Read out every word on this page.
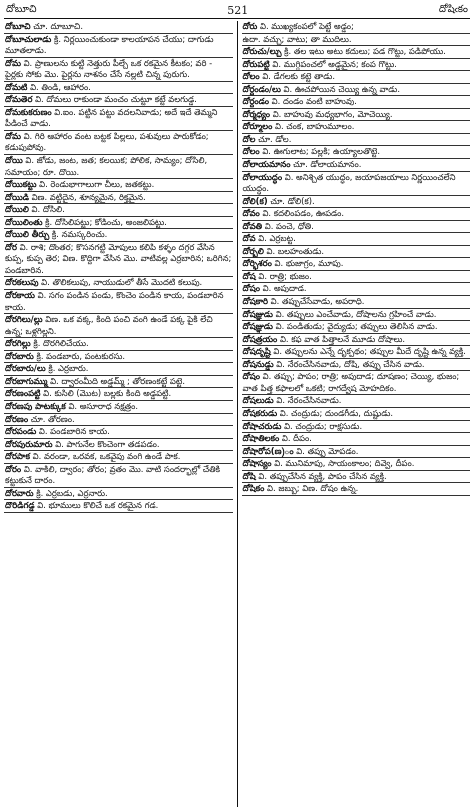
దోబూచి	521	దోషిఁకం
దోబూచి చూ. దూబూచి.
దోబూచులాడు క్రి. నిర్లయించుకుండా కాలయాపన చేయు; దాగుడు మూతలాడు.
దోమ వి. ప్రాణులను కుట్టి నెత్తురు పీల్చే ఒక రకమైన కీటకం; వరి - పైర్లకు సోకు మొ. పైర్లను నాశనం చేసే నల్లటి చిన్న పురుగు.
దోమటి వి. తిండి, ఆహారం.
దోమతెర వి. దోమలు రాకుండా మంచం చుట్టూ కట్టే వలగుడ్డ.
దోమకుకరుణం వి.ఐం. పట్టిన పట్టు వదలనివాడు; అదే ఇదే తెమ్మని పీడించే వాడు.
దోమ వి. గిరి ఆహారం వంట బట్టక పిల్లలు, పశువులు పారుకోడం; కడుపుపోవు.
దోయి వి. జోడు, జంట, జత; కలయిక; పోలిక, సామ్యం; దోసిలి, సమాయం; రూ. దొయి.
దోయికట్టు వి. రెండుభాగాలుగా చీలు, జతకట్టు.
దోయిడి విణ. వట్టిదైన, శూన్యమైన, రిక్తమైన.
దోయిలి వి. దోసిలి.
దోయిలింతు క్రి. దోసిలిపట్టు; కోడించు, అంజలిపట్టు.
దోయిలి తీర్చు క్రి. నమస్కరించు.
దోర వి. రాశి; దొంతర; కొసనగట్టి మోపులు కలిపి కళ్ళం దగ్గర వేసిన కుప్ప, కుప్ప తెర; విణ. కొద్దిగా వేసిన మొ. వాటివల్ల ఎర్రబారిన; ఒరిగిన; పండబారిన.
దోరకలుపు వి. తొలికలుపు, నాయుడులో తీసే మొదటి కలుపు.
దోరకాయ వి. సగం పండిన పండు, కొంచెం పండిన కాయ, పండబారిన కాయ.
దోరగిలు/ల్లు విణ. ఒక వక్క, కింది పంచి వంగి ఉండే పక్క పైకి లేచి ఉన్న; ఒళ్లగిల్లని.
దోరగిల్లు క్రి. దొరగిలిచేయు.
దోరబారు క్రి. పండబారు, పంటకురసు.
దోరబారు/లు క్రి. ఎర్రబారు.
దోరబాగుమ్ము వి. ద్వారంమీది అడ్డమ్మ్ ; తోరణంకట్టే పట్టె.
దోరణంపట్టి వి. కుసిలి (మొట) బల్లకు కింది అడ్డపట్టి.
దోరణపు పాటక్కుక వి. అసూరాధ నక్షత్రం.
దోరణం చూ. తోరణం.
దోరపండు వి. పండబారిన కాయ.
దోరపురుమారు వి. పాగునేల కొంచెంగా తడపడం.
దోరపాక వి. వరండా, ఒరవక, ఒకవైపు వంగి ఉండే పాక.
దోరం వి. వాకిలి, ద్వారం; తోరం; వ్రతం మొ. వాటి సందర్భాల్లో చేతికి కట్టుకునే దారం.
దోరవారు క్రి. ఎర్రబడు, ఎర్రనారు.
దొరిడిగడ్డ వి. భూములు కొలిచే ఒక రకమైన గడ.
దోరు వి. ముఖ్యకంపలో పెట్టే అడ్డం;
ఉదా. వచ్చు; వాటు; తా ముదిలు.
దోరుచు/ల్చు క్రి. తల ఇటు అటు కదులు; పడ గొట్టు, పడిపోయు.
దోరుపట్టి వి. ముగ్గిపంచలో అడ్డమైన; కంప గొట్టు.
దోలం వి. డేగలకు కట్టె తాడు.
దోర్దండం/లు వి. ఊచపోయిన చెయ్యి ఉన్న వాడు.
దోర్దండం వి. దండం వంటి బాహువు.
దోర్మధ్యం వి. బాహువు మధ్యభాగం, మోచెయ్యి.
దోర్మూలం వి. చంక, బాహుమూలం.
దోల చూ. డోల.
దోలం వి. ఊగులాట; పల్లకి; ఉయ్యాలతొట్టె.
దోలాయమానం చూ. డోలాయమానం.
దోలాయుద్ధం వి. అనిశ్చిత యుద్ధం, జయాపజయాలు నిర్ణయించలేని యుద్ధం.
దోలి(క) చూ. డోలి(క).
దోవం వి. కదలింపడం, ఊపడం.
దోవతి వి. పంచె, ధోతి.
దోవ వి. ఎర్రబట్ట.
దోర్బలి వి. బలహంతుడు.
దోర్భిశరం వి. భుజాగ్రం, మూపు.
దోష వి. రాత్రి; భుజం.
దోషం వి. అపుదాడ.
దోషకారి వి. తప్పుచేసేవాడు, అపరాధి.
దోషజ్ఞుడు వి. తప్పులు ఎంచేవాడు, దోషాలను గ్రహించే వాడు.
దోషజ్ఞుడు వి. పండితుడు; వైద్యుడు; తప్పులు తెలిసిన వాడు.
దోషత్రయం వి. కఫ వాత పిత్తాలనే మూడు దోషాలు.
దోషదృష్టి వి. తప్పులను ఎన్నే దృక్పథం; తప్పుల మీదే దృష్టి ఉన్న వ్యక్తి.
దోషనుడ్డు వి. నేరంచేసినవాడు, దోషి, తప్పు చేసిన వాడు.
దోషం వి. తప్పు; పాపం; రాత్రి; అపుదాడ; దూషణం; చెయ్యి, భుజం; వాత పిత్త కఫాలలో ఒకటి; రాగద్వేష మోహదికం.
దోషలుడు వి. నేరంచేసినవాడు.
దోషకరుడు వి. చంద్రుడు; దుండగీడు, దుష్టుడు.
దోషాచరుడు వి. చంద్రుడు; రాక్షసుడు.
దోషాతిలకం వి. దీపం.
దోషారోప(ణ)ం వి. తప్పు మోపడం.
దోషాస్యం వి. మునిమాపు, సాయంకాలం; దివ్వె, దీపం.
దోషి వి. తప్పుచేసిన వ్యక్తి, పాపం చేసిన వ్యక్తి.
దోషికం వి. జబ్బు; విణ. దోషం ఉన్న.
